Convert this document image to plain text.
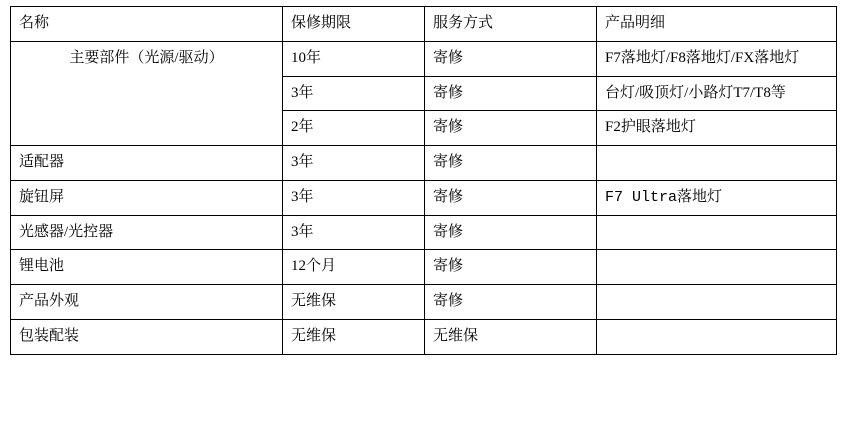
名称	保修期限	服务方式	产品明细
主要部件（光源/驱动）	10年	寄修	F7落地灯/F8落地灯/FX落地灯
	3年	寄修	台灯/吸顶灯/小路灯T7/T8等
	2年	寄修	F2护眼落地灯
适配器	3年	寄修	
旋钮屏	3年	寄修	F7 Ultra落地灯
光感器/光控器	3年	寄修	
锂电池	12个月	寄修	
产品外观	无维保	寄修	
包装配装	无维保	无维保	
